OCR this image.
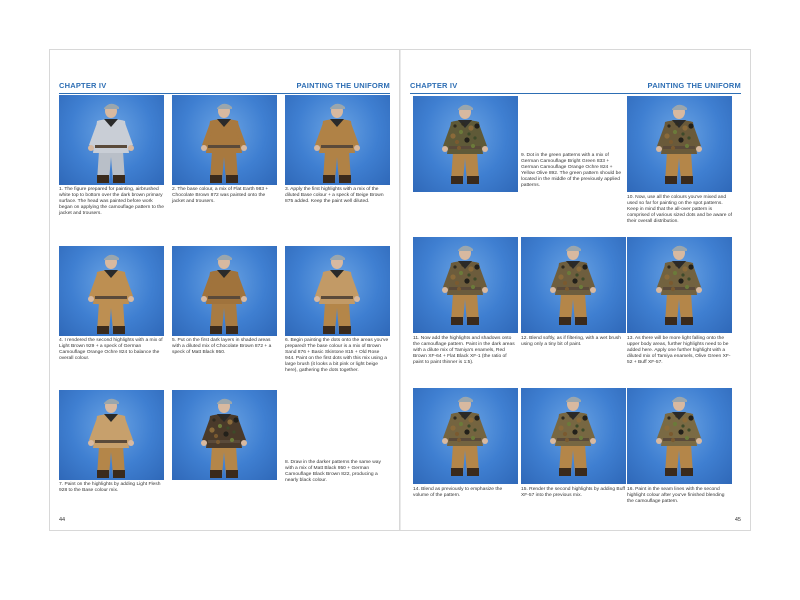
CHAPTER IV	PAINTING THE UNIFORM
1. The figure prepared for painting, airbrushed white top to bottom over the dark brown primary surface. The head was painted before work began on applying the camouflage pattern to the jacket and trousers.
2. The base colour, a mix of Flat Earth 983 + Chocolate Brown 872 was painted onto the jacket and trousers.
3. Apply the first highlights with a mix of the diluted Base colour + a speck of Beige Brown 875 added. Keep the paint well diluted.
4. I rendered the second highlights with a mix of Light Brown 929 + a speck of German Camouflage Orange Ochre 824 to balance the overall colour.
5. Put on the first dark layers in shaded areas with a diluted mix of Chocolate Brown 872 + a speck of Matt Black 950.
6. Begin painting the dots onto the areas you've prepared! The base colour is a mix of Brown Sand 876 + Basic Skintone 815 + Old Rose 944. Paint on the first dots with this mix using a large brush (it looks a bit pink or light beige here), gathering the dots together.
7. Paint on the highlights by adding Light Flesh 928 to the Base colour mix.
8. Draw in the darker patterns the same way with a mix of Matt Black 950 + German Camouflage Black Brown 822, producing a nearly black colour.
44
CHAPTER IV	PAINTING THE UNIFORM
9. Dot in the green patterns with a mix of German Camouflage Bright Green 833 + German Camouflage Orange Ochre 824 + Yellow Olive 892. The green pattern should be located in the middle of the previously applied patterns.
10. Now, use all the colours you've mixed and used so far for painting on the spot patterns. Keep in mind that the all-over pattern is comprised of various sized dots and be aware of their overall distribution.
11. Now add the highlights and shadows onto the camouflage pattern. Paint in the dark areas with a dilute mix of Tamiya's enamels, Red Brown XF-64 + Flat Black XF-1 (the ratio of paint to paint thinner is 1:5).
12. Blend softly, as if filtering, with a wet brush using only a tiny bit of paint.
13. As there will be more light falling onto the upper body areas, further highlights need to be added here. Apply one further highlight with a diluted mix of Tamiya enamels, Olive Green XF-52 + Buff XF-57.
14. Blend as previously to emphasize the volume of the pattern.
15. Render the second highlights by adding Buff XF-57 into the previous mix.
16. Paint in the seam lines with the second highlight colour after you've finished blending the camouflage pattern.
45
